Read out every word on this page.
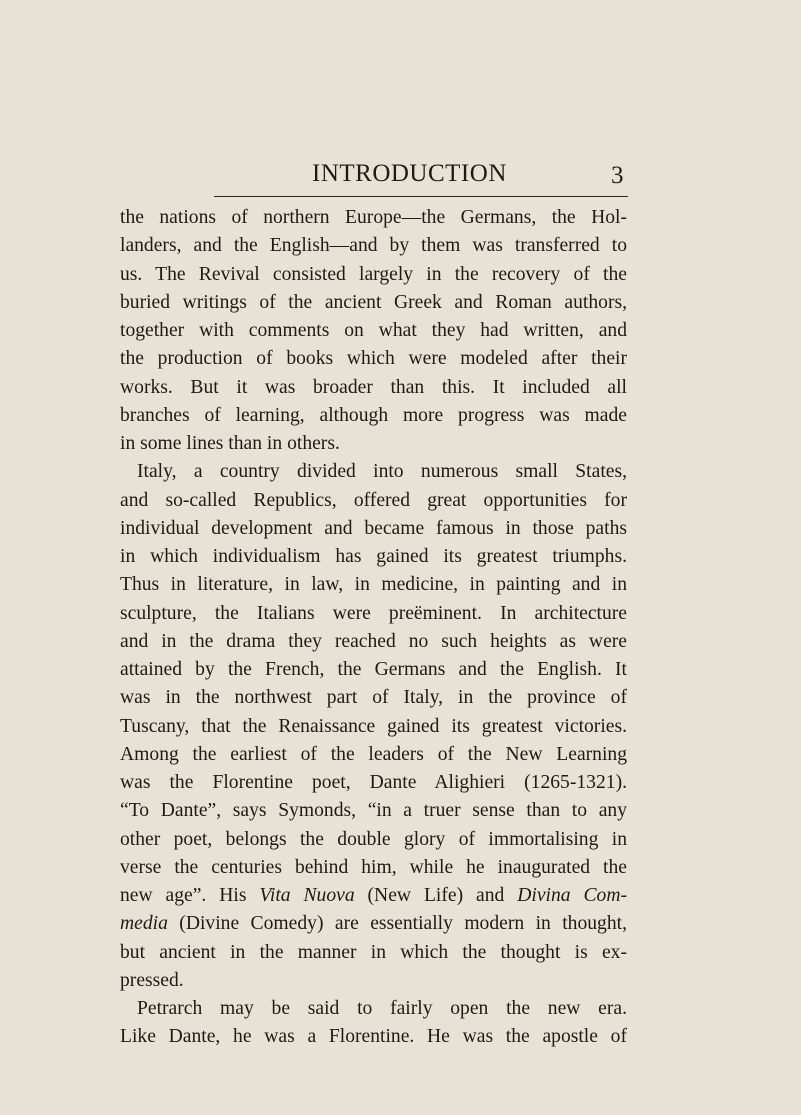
INTRODUCTION	3
the nations of northern Europe—the Germans, the Hol-
landers, and the English—and by them was transferred to
us. The Revival consisted largely in the recovery of the
buried writings of the ancient Greek and Roman authors,
together with comments on what they had written, and
the production of books which were modeled after their
works. But it was broader than this. It included all
branches of learning, although more progress was made
in some lines than in others.
Italy, a country divided into numerous small States,
and so-called Republics, offered great opportunities for
individual development and became famous in those paths
in which individualism has gained its greatest triumphs.
Thus in literature, in law, in medicine, in painting and in
sculpture, the Italians were preëminent. In architecture
and in the drama they reached no such heights as were
attained by the French, the Germans and the English. It
was in the northwest part of Italy, in the province of
Tuscany, that the Renaissance gained its greatest victories.
Among the earliest of the leaders of the New Learning
was the Florentine poet, Dante Alighieri (1265-1321).
“To Dante”, says Symonds, “in a truer sense than to any
other poet, belongs the double glory of immortalising in
verse the centuries behind him, while he inaugurated the
new age”. His Vita Nuova (New Life) and Divina Com-
media (Divine Comedy) are essentially modern in thought,
but ancient in the manner in which the thought is ex-
pressed.
Petrarch may be said to fairly open the new era.
Like Dante, he was a Florentine. He was the apostle of
